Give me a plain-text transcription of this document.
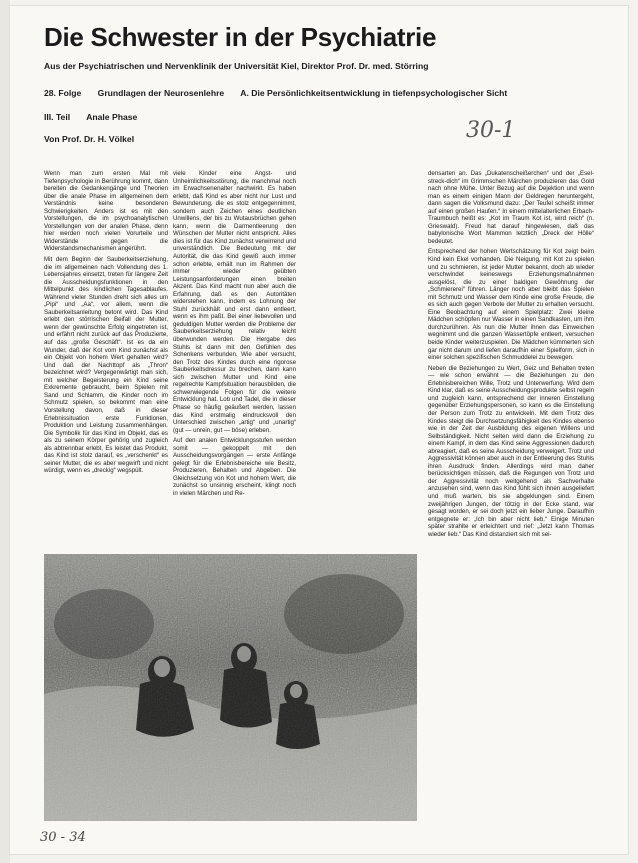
Die Schwester in der Psychiatrie
Aus der Psychiatrischen und Nervenklinik der Universität Kiel, Direktor Prof. Dr. med. Störring
28. Folge Grundlagen der Neurosenlehre A. Die Persönlichkeitsentwicklung in tiefenpsychologischer Sicht
III. Teil Anale Phase
Von Prof. Dr. H. Völkel	30-1

Wenn man zum ersten Mal mit Tiefenpsychologie in Berührung kommt, dann bereiten die Gedankengänge und Theorien über die anale Phase im allgemeinen dem Verständnis keine besonderen Schwierigkeiten. Anders ist es mit den Vorstellungen, die im psychoanalytischen Vorstellungen von der analen Phase, denn hier werden noch vielen Vorurteile und Widerstände gegen die Widerstandsmechanismen angerührt.

Mit dem Beginn der Sauberkeitserziehung, die im allgemeinen nach Vollendung des 1. Lebensjahres einsetzt, treten für längere Zeit die Ausscheidungsfunktionen in den Mittelpunkt des kindlichen Tagesablaufes. Während vieler Stunden dreht sich alles um „Pipi“ und „Aa“, vor allem, wenn die Sauberkeitsanleitung betont wird. Das Kind erlebt den störrischen Beifall der Mutter, wenn der gewünschte Erfolg eingetreten ist, und erfährt nicht zurück auf das Produzierte, auf das „große Geschäft“. Ist es da ein Wunder, daß der Kot vom Kind zunächst als ein Objekt von hohem Wert gehalten wird? Und daß der Nachttopf als „Thron“ bezeichnet wird? Vergegenwärtigt man sich, mit welcher Begeisterung ein Kind seine Exkremente gebraucht, beim Spielen mit Sand und Schlamm, die Kinder noch im Schmutz spielen, so bekommt man eine Vorstellung davon, daß in dieser Erlebnissituation erste Funktionen, Produktion und Leistung zusammenhängen. Die Symbolik für das Kind im Objekt, das es als zu seinem Körper gehörig und zugleich als abtrennbar erlebt. Es leistet das Produkt, das Kind ist stolz darauf, es „verschenkt“ es seiner Mutter, die es aber wegwirft und nicht würdigt, wenn es „dreckig“ wegspült.

viele Kinder eine Angst- und Unheimlichkeitsstörung, die manchmal noch im Erwachsenenalter nachwirkt. Es haben erlebt, daß Kind es aber nicht nur Lust und Bewunderung, die es stolz entgegennimmt, sondern auch Zeichen eines deutlichen Unwillens, der bis zu Wutausbrüchen gehen kann, wenn die Darmentleerung den Wünschen der Mutter nicht entspricht. Alles dies ist für das Kind zunächst verwirrend und unverständlich. Die Bedeutung mit der Autorität, die das Kind gewiß auch immer schon erlebte, erhält nun im Rahmen der immer wieder geübten Leistungsanforderungen einen breiten Akzent. Das Kind macht nun aber auch die Erfahrung, daß es den Autoritäten widerstehen kann, indem es Lohnung der Stuhl zurückhält und erst dann entleert, wenn es ihm paßt. Bei einer liebevollen und geduldigen Mutter werden die Probleme der Sauberkeitserziehung relativ leicht überwunden werden. Die Hergabe des Stuhls ist dann mit den Gefühlen des Schenkens verbunden. Wie aber versucht, den Trotz des Kindes durch eine rigorose Sauberkeitsdressur zu brechen, dann kann sich zwischen Mutter und Kind eine regelrechte Kampfsituation herausbilden, die schwerwiegende Folgen für die weitere Entwicklung hat. Lob und Tadel, die in dieser Phase so häufig geäußert werden, lassen das Kind erstmalig eindrucksvoll den Unterschied zwischen „artig“ und „unartig“ (gut — unrein, gut — böse) erleben.

Auf den analen Entwicklungsstufen werden somit — gekoppelt mit den Ausscheidungsvorgängen — erste Anfänge gelegt für die Erlebnisbereiche wie Besitz, Produzieren, Behalten und Abgeben. Die Gleichsetzung von Kot und hohem Wert, die zunächst so unsinnig erscheint, klingt noch in vielen Märchen und Re-

densarten an. Das „Dukatenscheißerchen“ und der „Esel-streck-dich“ im Grimmschen Märchen produzieren das Gold nach ohne Mühe. Unter Bezug auf die Dejektion und wenn man es einem einigen Mann der Geldregen heruntergeht, dann sagen die Volksmund dazu: „Der Teufel scheißt immer auf einen großen Haufen.“ In einem mittelalterlichen Erbach-Traumbuch heißt es: „Kot im Traum Kot ist, wird reich“ (n. Grieswald). Freud hat darauf hingewiesen, daß das babylonische Wort Mammon letztlich „Dreck der Hölle“ bedeutet.

Entsprechend der hohen Wertschätzung für Kot zeigt beim Kind kein Ekel vorhanden. Die Neigung, mit Kot zu spielen und zu schmieren, ist jeder Mutter bekannt, doch ab wieder verschwindet keineswegs Erziehungsmaßnahmen ausgelöst, die zu einer baldigen Gewöhnung der „Schmiererei“ führen. Länger noch aber bleibt das Spielen mit Schmutz und Wasser dem Kinde eine große Freude, die es sich auch gegen Verbote der Mutter zu erhalten versucht. Eine Beobachtung auf einem Spielplatz: Zwei kleine Mädchen schöpfen nur Wasser in einen Sandkasten, um ihm durchzurühren. Als nun die Mutter ihnen das Einweichen wegnimmt und die ganzen Wassertöpfe entleert, versuchen beide Kinder weiterzuspielen. Die Mädchen kümmerten sich gar nicht darum und liefen daraufhin einer Spielform, sich in einer solchen spezifischen Schmuddelei zu bewegen.

Neben die Beziehungen zu Wert, Geiz und Behalten treten — wie schon erwähnt — die Beziehungen zu den Erlebnisbereichen Wille, Trotz und Unterwerfung. Wird dem Kind klar, daß es seine Ausscheidungsprodukte selbst regeln und zugleich kann, entsprechend der inneren Einstellung gegenüber Erziehungspersonen, so kann es die Einstellung der Person zum Trotz zu entwickeln. Mit dem Trotz des Kindes steigt die Durchsetzungsfähigkeit des Kindes ebenso wie in der Zeit der Ausbildung des eigenen Willens und Selbständigkeit. Nicht selten wird dann die Erziehung zu einem Kampf, in dem das Kind seine Aggressionen dadurch abreagiert, daß es seine Ausscheidung verweigert. Trotz und Aggressivität können aber auch in der Entleerung des Stuhls ihren Ausdruck finden. Allerdings wird man daher berücksichtigen müssen, daß die Regungen von Trotz und der Aggressivität noch weitgehend als Sachverhalte anzusehen sind, wenn das Kind fühlt sich ihnen ausgeliefert und muß warten, bis sie abgeklungen sind. Einem zweijährigen Jungen, der tötzig in der Ecke stand, war gesagt worden, er sei doch jetzt ein lieber Junge. Daraufhin entgegnete er: „Ich bin aber nicht lieb.“ Einige Minuten später strahlte er erleichtert und rief: „Jetzt kann Thomas wieder lieb.“ Das Kind distanziert sich mit sei-

30 - 34
